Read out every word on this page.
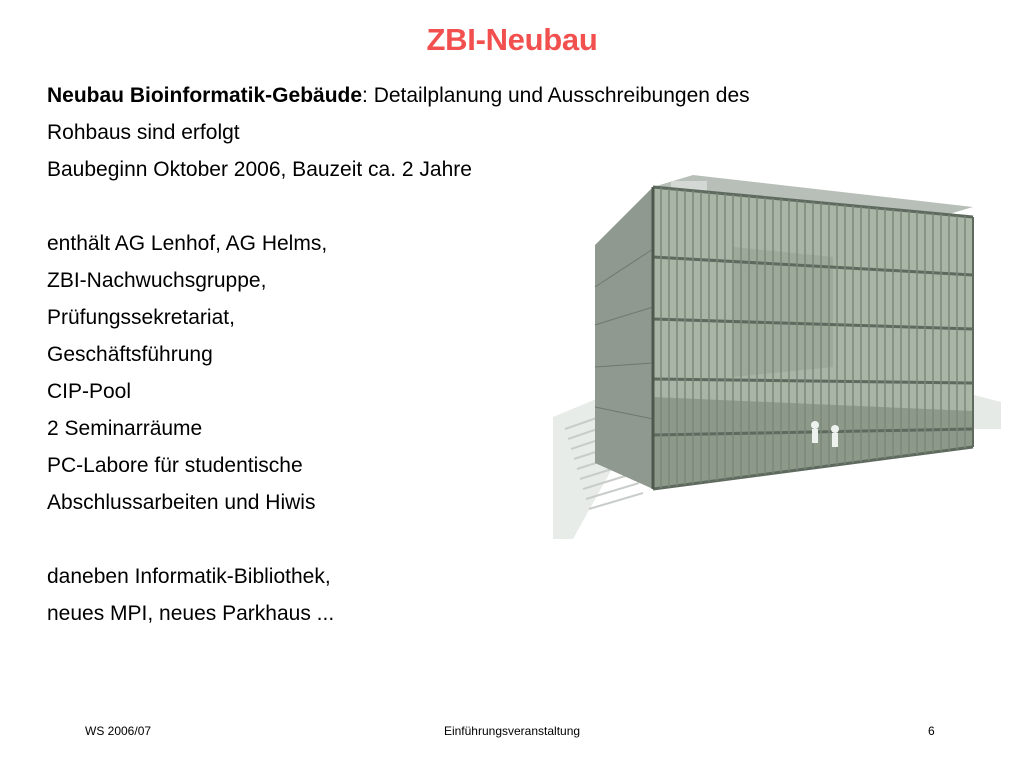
ZBI-Neubau
Neubau Bioinformatik-Gebäude: Detailplanung und Ausschreibungen des
Rohbaus sind erfolgt
Baubeginn Oktober 2006, Bauzeit ca. 2 Jahre
enthält AG Lenhof, AG Helms,
ZBI-Nachwuchsgruppe,
Prüfungssekretariat,
Geschäftsführung
CIP-Pool
2 Seminarräume
PC-Labore für studentische
Abschlussarbeiten und Hiwis
daneben Informatik-Bibliothek,
neues MPI, neues Parkhaus ...
WS 2006/07	Einführungsveranstaltung	6
